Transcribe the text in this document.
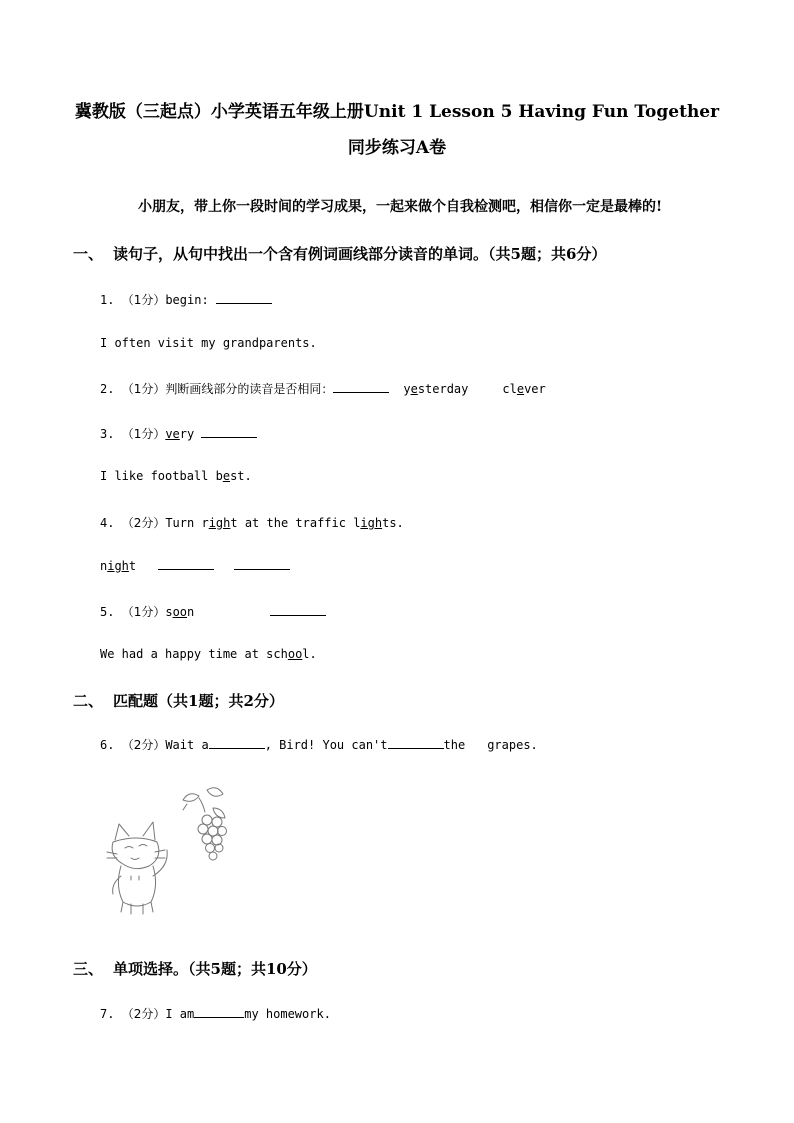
冀教版（三起点）小学英语五年级上册Unit 1 Lesson 5 Having Fun Together
同步练习A卷
小朋友，带上你一段时间的学习成果，一起来做个自我检测吧，相信你一定是最棒的!
一、 读句子，从句中找出一个含有例词画线部分读音的单词。（共5题；共6分）
1. （1分）begin:
I often visit my grandparents.
2. （1分）判断画线部分的读音是否相同：	yesterday	clever
3. （1分）very
I like football best.
4. （2分）Turn right at the traffic lights.
night
5. （1分）soon
We had a happy time at school.
二、 匹配题（共1题；共2分）
6. （2分）Wait a	, Bird! You can't	the grapes.
三、 单项选择。（共5题；共10分）
7. （2分）I am	my homework.
